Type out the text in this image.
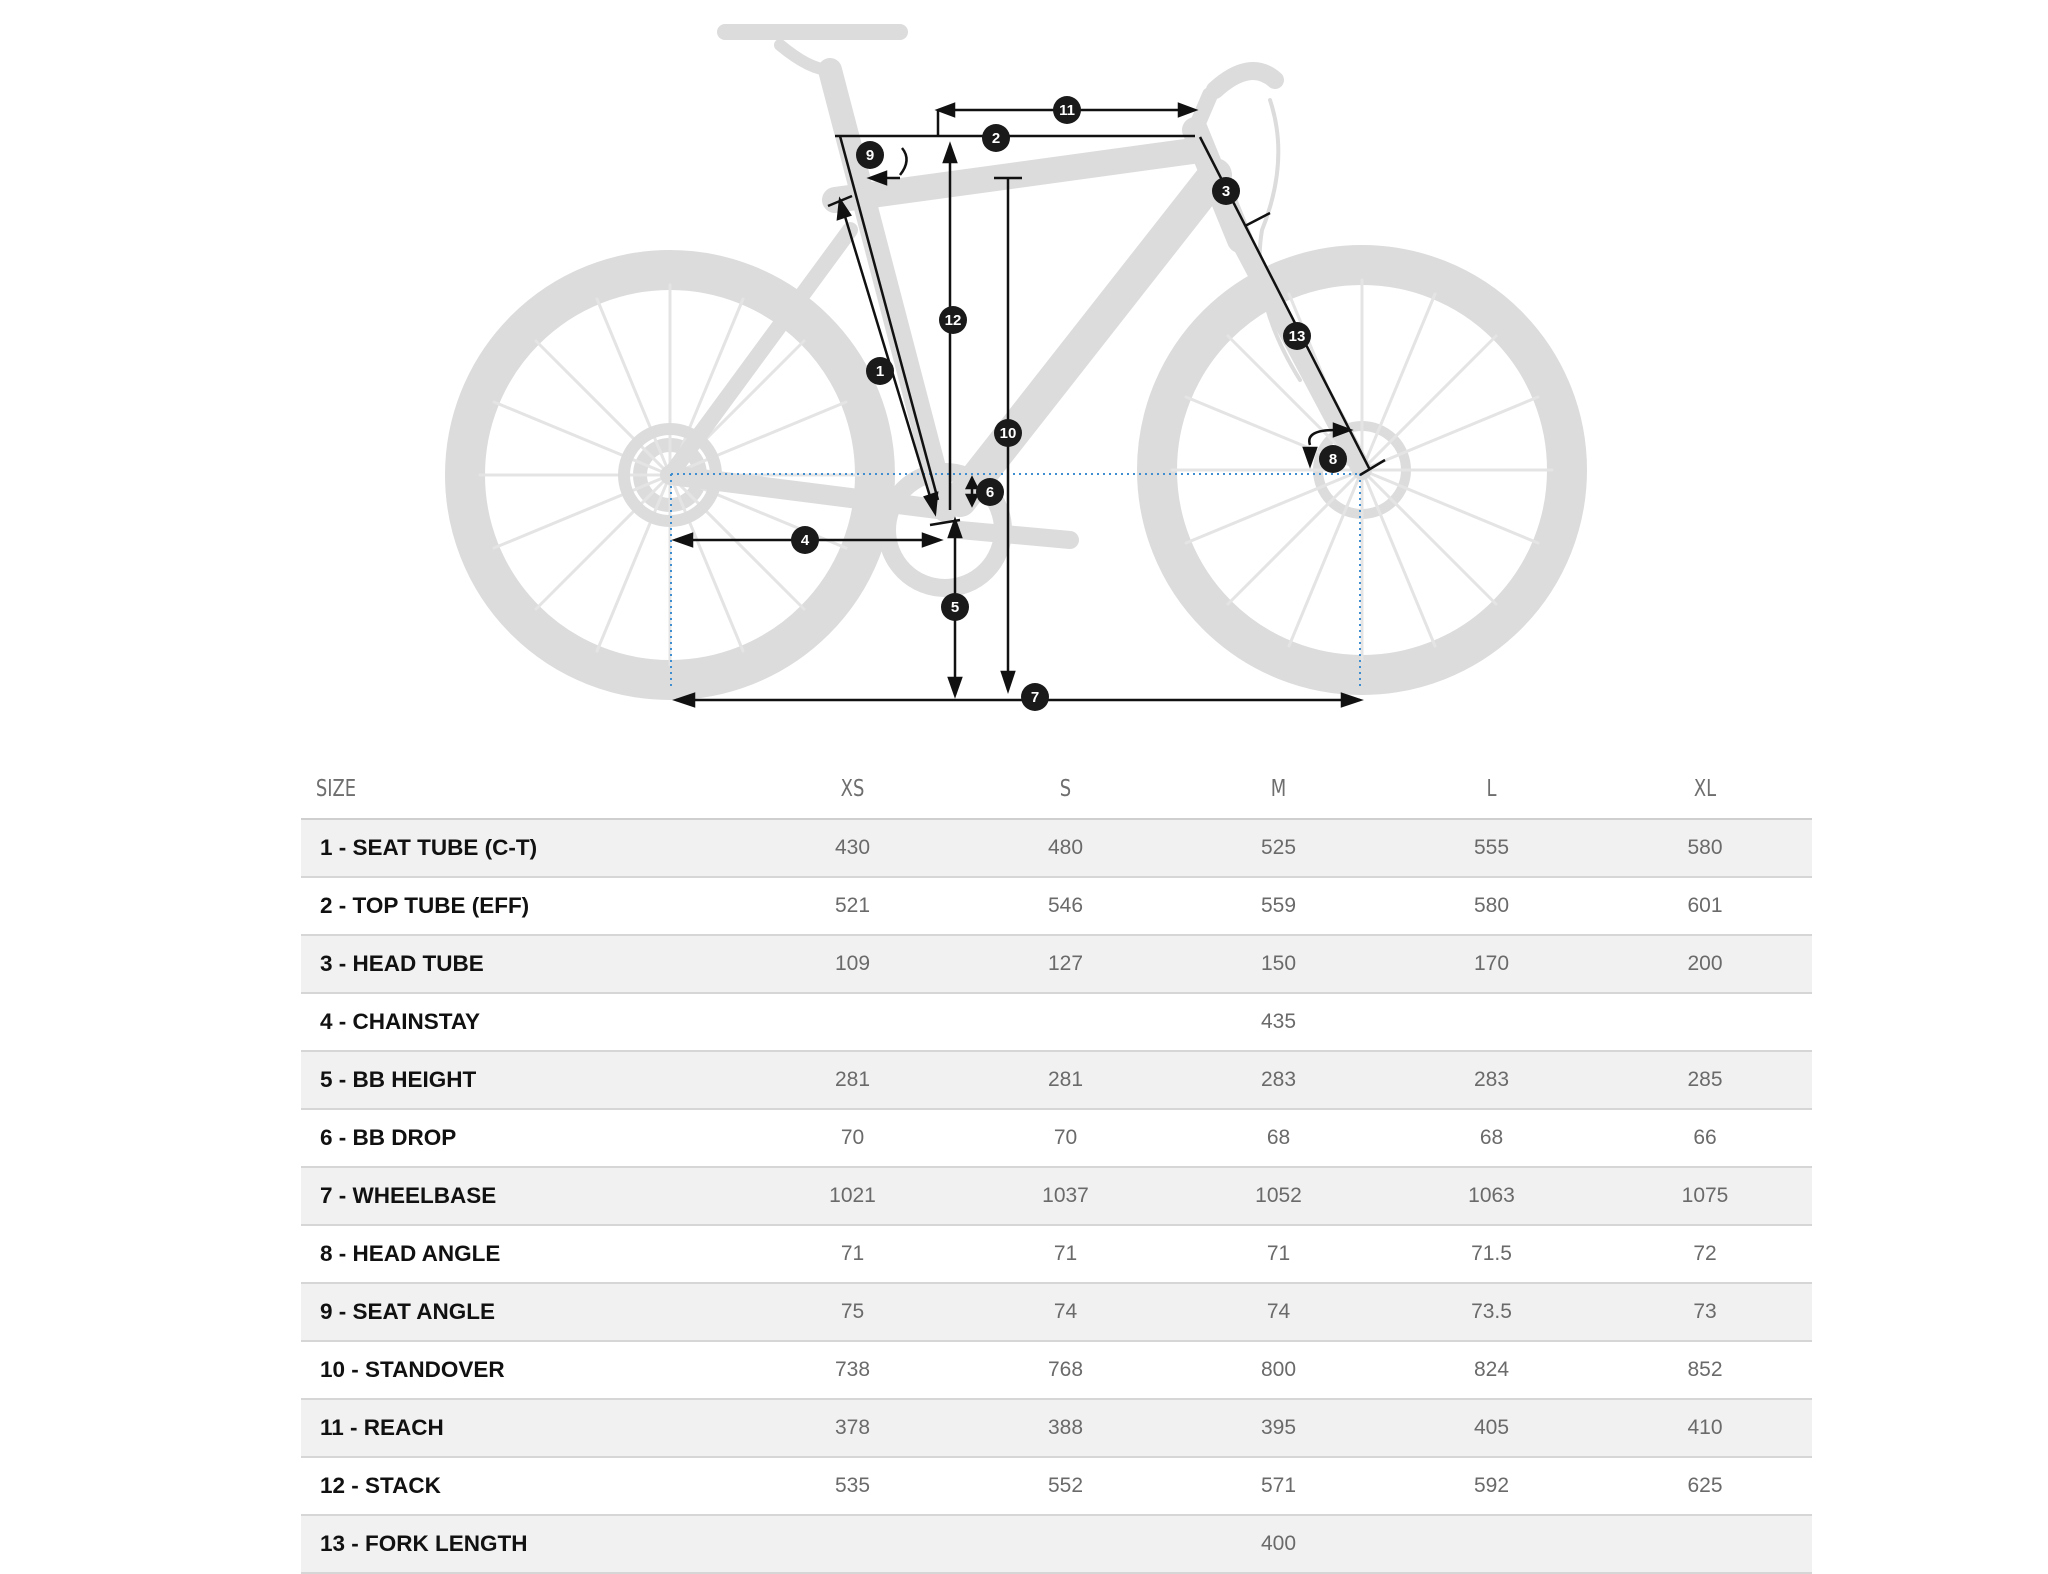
11
2
9
3
12
13
1
10
8
6
4
5
7
SIZE	XS	S	M	L	XL
1 - SEAT TUBE (C-T)	430	480	525	555	580
2 - TOP TUBE (EFF)	521	546	559	580	601
3 - HEAD TUBE	109	127	150	170	200
4 - CHAINSTAY			435		
5 - BB HEIGHT	281	281	283	283	285
6 - BB DROP	70	70	68	68	66
7 - WHEELBASE	1021	1037	1052	1063	1075
8 - HEAD ANGLE	71	71	71	71.5	72
9 - SEAT ANGLE	75	74	74	73.5	73
10 - STANDOVER	738	768	800	824	852
11 - REACH	378	388	395	405	410
12 - STACK	535	552	571	592	625
13 - FORK LENGTH			400		
